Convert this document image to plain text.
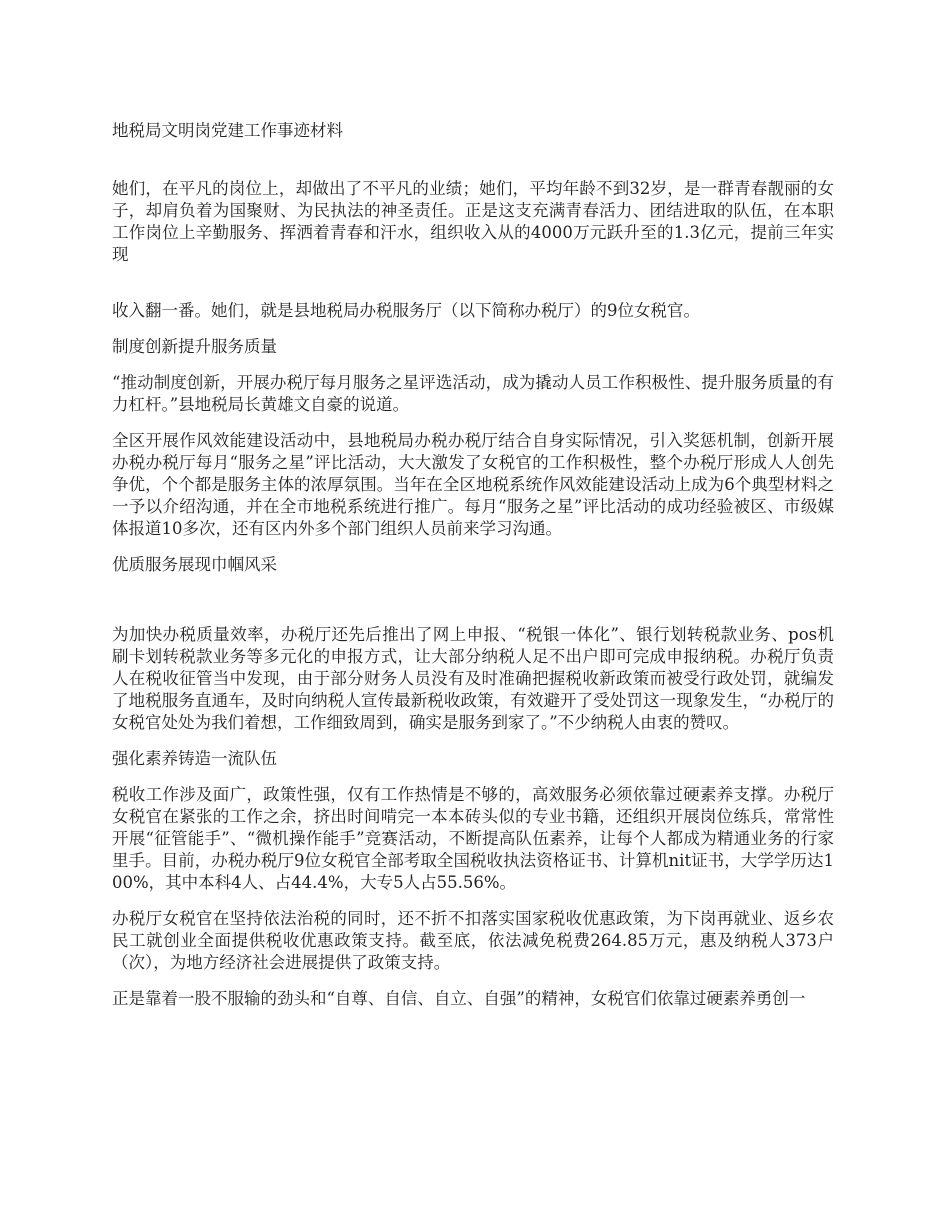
地税局文明岗党建工作事迹材料

她们，在平凡的岗位上，却做出了不平凡的业绩；她们，平均年龄不到32岁，是一群青春靓丽的女子，却肩负着为国聚财、为民执法的神圣责任。正是这支充满青春活力、团结进取的队伍，在本职工作岗位上辛勤服务、挥洒着青春和汗水，组织收入从的4000万元跃升至的1.3亿元，提前三年实现

收入翻一番。她们，就是县地税局办税服务厅（以下简称办税厅）的9位女税官。

制度创新提升服务质量

“推动制度创新，开展办税厅每月服务之星评选活动，成为撬动人员工作积极性、提升服务质量的有力杠杆。”县地税局长黄雄文自豪的说道。

全区开展作风效能建设活动中，县地税局办税办税厅结合自身实际情况，引入奖惩机制，创新开展办税办税厅每月“服务之星”评比活动，大大激发了女税官的工作积极性，整个办税厅形成人人创先争优，个个都是服务主体的浓厚氛围。当年在全区地税系统作风效能建设活动上成为6个典型材料之一予以介绍沟通，并在全市地税系统进行推广。每月“服务之星”评比活动的成功经验被区、市级媒体报道10多次，还有区内外多个部门组织人员前来学习沟通。

优质服务展现巾帼风采

为加快办税质量效率，办税厅还先后推出了网上申报、“税银一体化”、银行划转税款业务、pos机刷卡划转税款业务等多元化的申报方式，让大部分纳税人足不出户即可完成申报纳税。办税厅负责人在税收征管当中发现，由于部分财务人员没有及时准确把握税收新政策而被受行政处罚，就编发了地税服务直通车，及时向纳税人宣传最新税收政策，有效避开了受处罚这一现象发生，“办税厅的女税官处处为我们着想，工作细致周到，确实是服务到家了。”不少纳税人由衷的赞叹。

强化素养铸造一流队伍

税收工作涉及面广，政策性强，仅有工作热情是不够的，高效服务必须依靠过硬素养支撑。办税厅女税官在紧张的工作之余，挤出时间啃完一本本砖头似的专业书籍，还组织开展岗位练兵，常常性开展“征管能手”、“微机操作能手”竞赛活动，不断提高队伍素养，让每个人都成为精通业务的行家里手。目前，办税办税厅9位女税官全部考取全国税收执法资格证书、计算机nit证书，大学学历达100%，其中本科4人、占44.4%，大专5人占55.56%。

办税厅女税官在坚持依法治税的同时，还不折不扣落实国家税收优惠政策，为下岗再就业、返乡农民工就创业全面提供税收优惠政策支持。截至底，依法减免税费264.85万元，惠及纳税人373户（次），为地方经济社会进展提供了政策支持。

正是靠着一股不服输的劲头和“自尊、自信、自立、自强”的精神，女税官们依靠过硬素养勇创一
